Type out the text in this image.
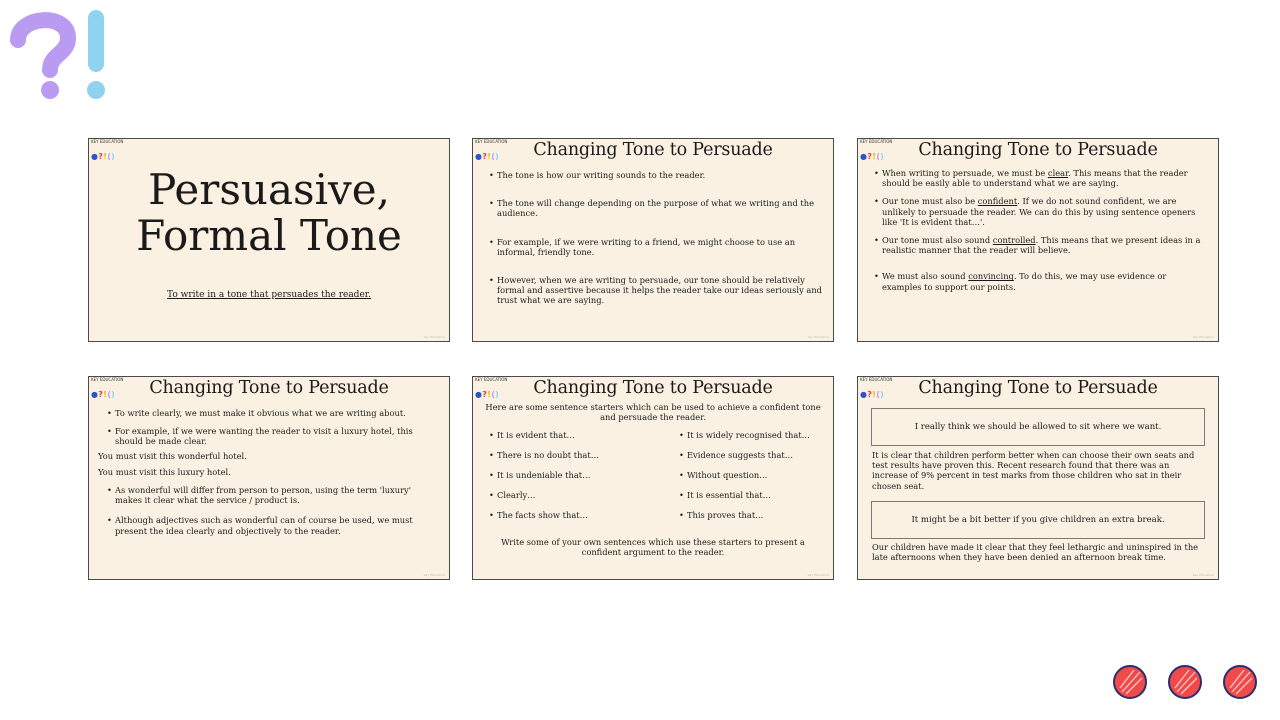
KEY EDUCATION
●?!()
Persuasive, Formal Tone
To write in a tone that persuades the reader.
Key Education
KEY EDUCATION
●?!()	Changing Tone to Persuade
• The tone is how our writing sounds to the reader.
• The tone will change depending on the purpose of what we writing and the audience.
• For example, if we were writing to a friend, we might choose to use an informal, friendly tone.
• However, when we are writing to persuade, our tone should be relatively formal and assertive because it helps the reader take our ideas seriously and trust what we are saying.
Key Education
KEY EDUCATION
●?!()	Changing Tone to Persuade
• When writing to persuade, we must be clear. This means that the reader should be easily able to understand what we are saying.
• Our tone must also be confident. If we do not sound confident, we are unlikely to persuade the reader. We can do this by using sentence openers like 'It is evident that…'.
• Our tone must also sound controlled. This means that we present ideas in a realistic manner that the reader will believe.
• We must also sound convincing. To do this, we may use evidence or examples to support our points.
Key Education
KEY EDUCATION
●?!()	Changing Tone to Persuade
• To write clearly, we must make it obvious what we are writing about.
• For example, if we were wanting the reader to visit a luxury hotel, this should be made clear.
You must visit this wonderful hotel.
You must visit this luxury hotel.
• As wonderful will differ from person to person, using the term 'luxury' makes it clear what the service / product is.
• Although adjectives such as wonderful can of course be used, we must present the idea clearly and objectively to the reader.
Key Education
KEY EDUCATION
●?!()	Changing Tone to Persuade
Here are some sentence starters which can be used to achieve a confident tone and persuade the reader.
• It is evident that…
• There is no doubt that…
• It is undeniable that…
• Clearly…
• The facts show that…
• It is widely recognised that…
• Evidence suggests that…
• Without question…
• It is essential that…
• This proves that…
Write some of your own sentences which use these starters to present a confident argument to the reader.
Key Education
KEY EDUCATION
●?!()	Changing Tone to Persuade
I really think we should be allowed to sit where we want.
It is clear that children perform better when can choose their own seats and test results have proven this. Recent research found that there was an increase of 9% percent in test marks from those children who sat in their chosen seat.
It might be a bit better if you give children an extra break.
Our children have made it clear that they feel lethargic and uninspired in the late afternoons when they have been denied an afternoon break time.
Key Education
